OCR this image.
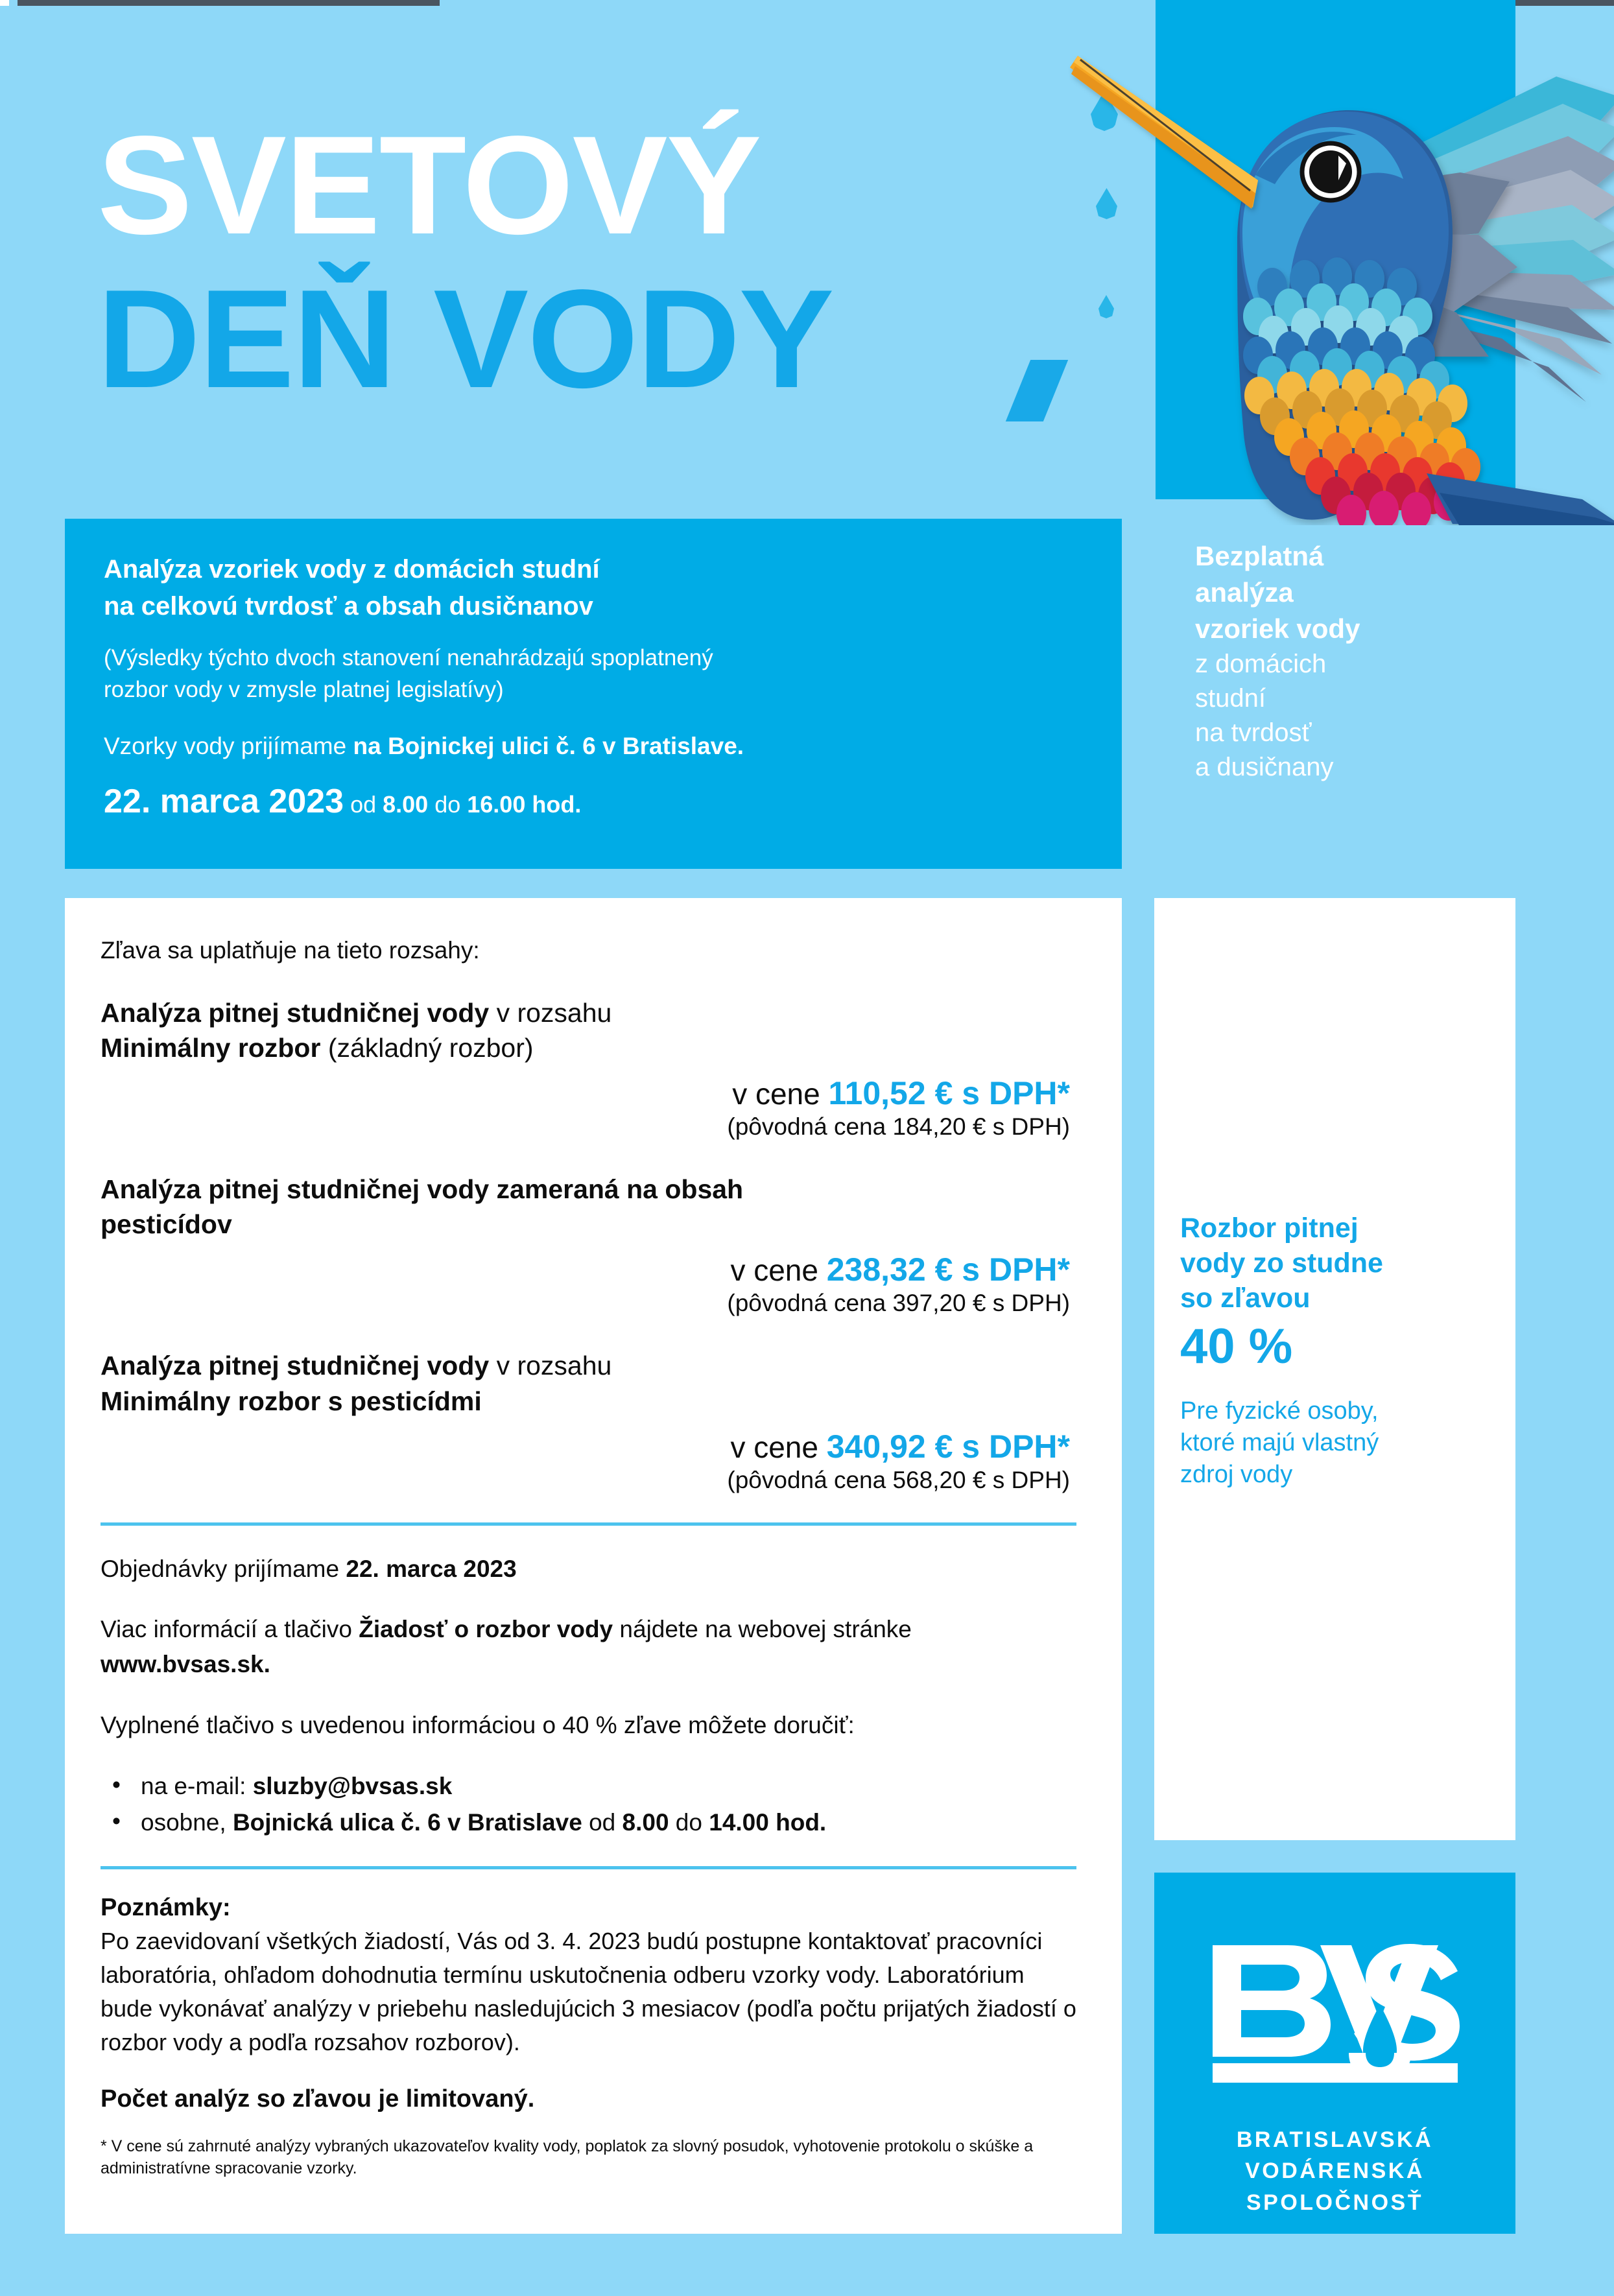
SVETOVÝ
DEŇ VODY
Analýza vzoriek vody z domácich studní
na celkovú tvrdosť a obsah dusičnanov
(Výsledky týchto dvoch stanovení nenahrádzajú spoplatnený
rozbor vody v zmysle platnej legislatívy)
Vzorky vody prijímame na Bojnickej ulici č. 6 v Bratislave.
22. marca 2023 od 8.00 do 16.00 hod.
Bezplatná
analýza
vzoriek vody
z domácich
studní
na tvrdosť
a dusičnany
Zľava sa uplatňuje na tieto rozsahy:
Analýza pitnej studničnej vody v rozsahu
Minimálny rozbor (základný rozbor)
v cene 110,52 € s DPH*
(pôvodná cena 184,20 € s DPH)
Analýza pitnej studničnej vody zameraná na obsah
pesticídov
v cene 238,32 € s DPH*
(pôvodná cena 397,20 € s DPH)
Analýza pitnej studničnej vody v rozsahu
Minimálny rozbor s pesticídmi
v cene 340,92 € s DPH*
(pôvodná cena 568,20 € s DPH)
Objednávky prijímame 22. marca 2023
Viac informácií a tlačivo Žiadosť o rozbor vody nájdete na webovej stránke www.bvsas.sk.
Vyplnené tlačivo s uvedenou informáciou o 40 % zľave môžete doručiť:
• na e-mail: sluzby@bvsas.sk
• osobne, Bojnická ulica č. 6 v Bratislave od 8.00 do 14.00 hod.
Poznámky:
Po zaevidovaní všetkých žiadostí, Vás od 3. 4. 2023 budú postupne kontaktovať pracovníci laboratória, ohľadom dohodnutia termínu uskutočnenia odberu vzorky vody. Laboratórium bude vykonávať analýzy v priebehu nasledujúcich 3 mesiacov (podľa počtu prijatých žiadostí o rozbor vody a podľa rozsahov rozborov).
Počet analýz so zľavou je limitovaný.
* V cene sú zahrnuté analýzy vybraných ukazovateľov kvality vody, poplatok za slovný posudok, vyhotovenie protokolu o skúške a administratívne spracovanie vzorky.
Rozbor pitnej
vody zo studne
so zľavou
40 %
Pre fyzické osoby,
ktoré majú vlastný
zdroj vody
BRATISLAVSKÁ
VODÁRENSKÁ
SPOLOČNOSŤ
